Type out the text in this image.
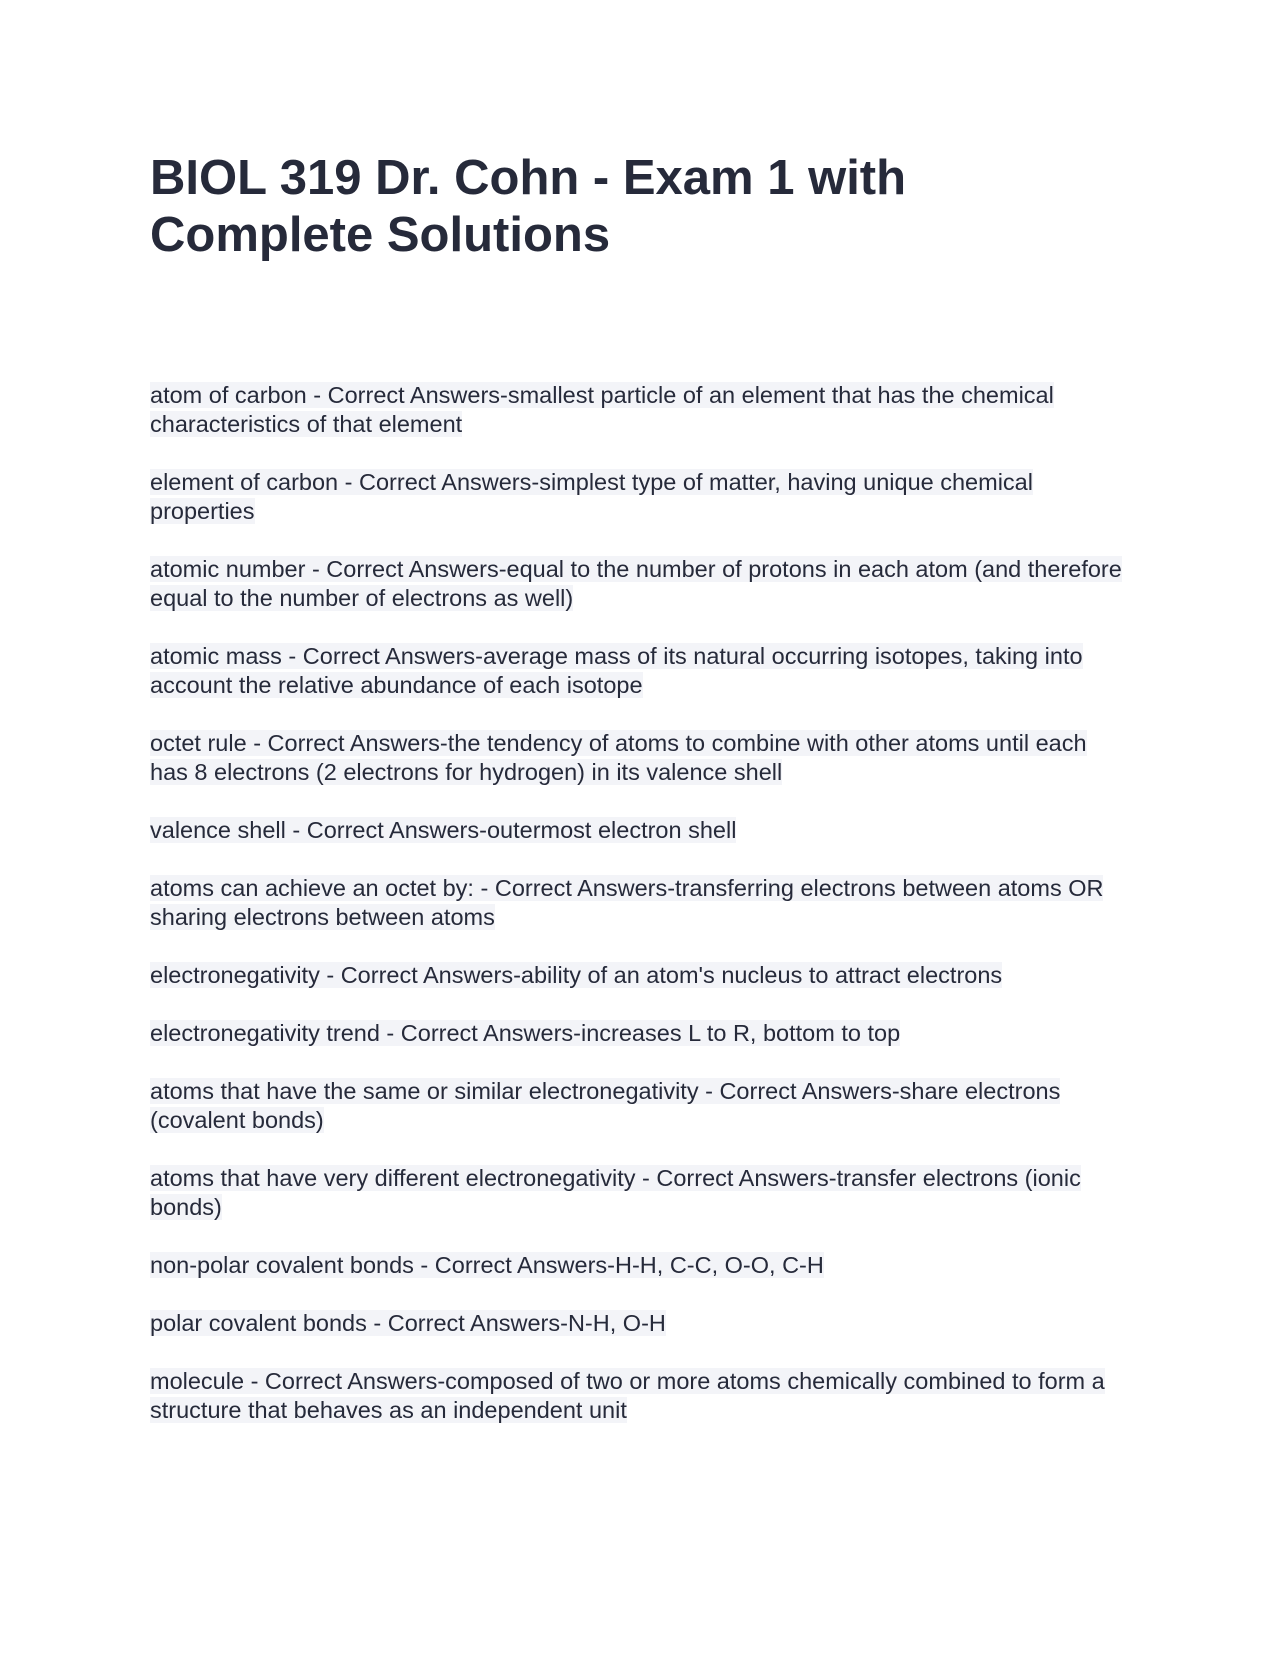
BIOL 319 Dr. Cohn - Exam 1 with Complete Solutions
atom of carbon - Correct Answers-smallest particle of an element that has the chemical characteristics of that element
element of carbon - Correct Answers-simplest type of matter, having unique chemical properties
atomic number - Correct Answers-equal to the number of protons in each atom (and therefore equal to the number of electrons as well)
atomic mass - Correct Answers-average mass of its natural occurring isotopes, taking into account the relative abundance of each isotope
octet rule - Correct Answers-the tendency of atoms to combine with other atoms until each has 8 electrons (2 electrons for hydrogen) in its valence shell
valence shell - Correct Answers-outermost electron shell
atoms can achieve an octet by: - Correct Answers-transferring electrons between atoms OR sharing electrons between atoms
electronegativity - Correct Answers-ability of an atom's nucleus to attract electrons
electronegativity trend - Correct Answers-increases L to R, bottom to top
atoms that have the same or similar electronegativity - Correct Answers-share electrons (covalent bonds)
atoms that have very different electronegativity - Correct Answers-transfer electrons (ionic bonds)
non-polar covalent bonds - Correct Answers-H-H, C-C, O-O, C-H
polar covalent bonds - Correct Answers-N-H, O-H
molecule - Correct Answers-composed of two or more atoms chemically combined to form a structure that behaves as an independent unit
